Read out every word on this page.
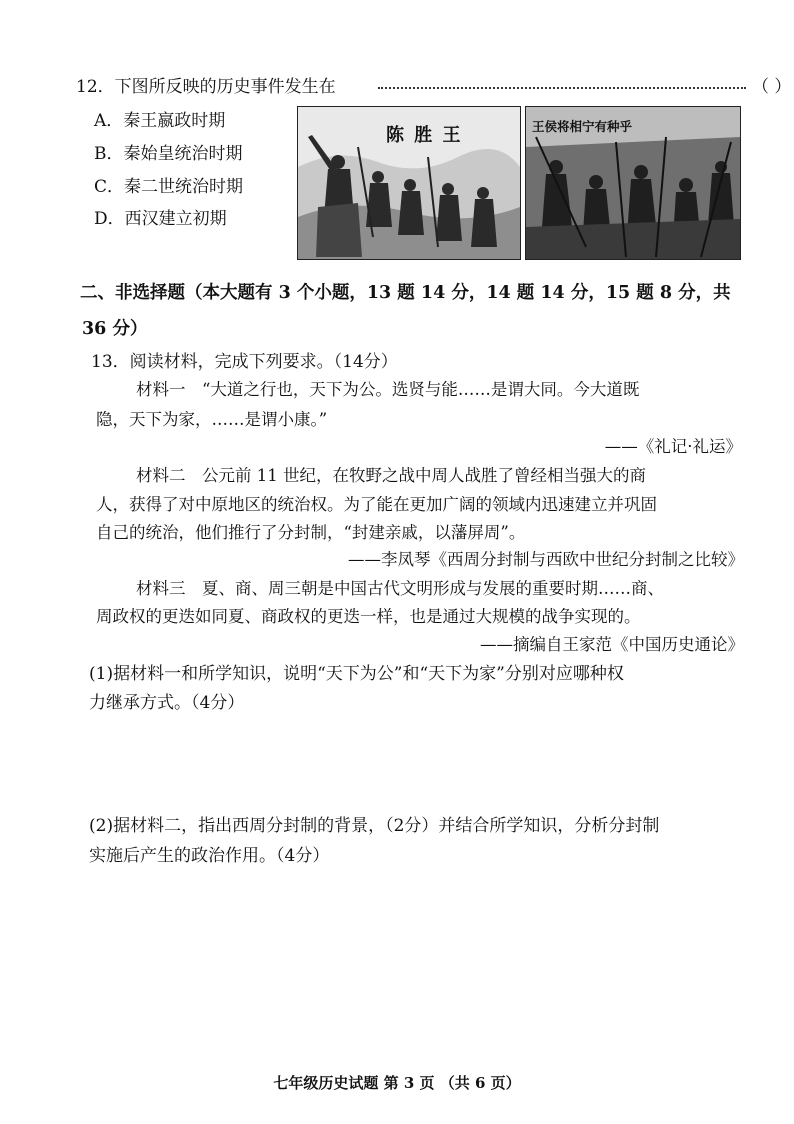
12．下图所反映的历史事件发生在	（ ）
A．秦王嬴政时期
B．秦始皇统治时期
C．秦二世统治时期
D．西汉建立初期
陈 胜 王	王侯将相宁有种乎
二、非选择题（本大题有 3 个小题，13 题 14 分，14 题 14 分，15 题 8 分，共
36 分）
13．阅读材料，完成下列要求。（14分）
材料一　“大道之行也，天下为公。选贤与能……是谓大同。今大道既
隐，天下为家，……是谓小康。”
——《礼记·礼运》
材料二　公元前 11 世纪，在牧野之战中周人战胜了曾经相当强大的商
人，获得了对中原地区的统治权。为了能在更加广阔的领域内迅速建立并巩固
自己的统治，他们推行了分封制，“封建亲戚，以藩屏周”。
——李凤琴《西周分封制与西欧中世纪分封制之比较》
材料三　夏、商、周三朝是中国古代文明形成与发展的重要时期……商、
周政权的更迭如同夏、商政权的更迭一样，也是通过大规模的战争实现的。
——摘编自王家范《中国历史通论》
(1)据材料一和所学知识，说明“天下为公”和“天下为家”分别对应哪种权
力继承方式。（4分）
(2)据材料二，指出西周分封制的背景，（2分）并结合所学知识，分析分封制
实施后产生的政治作用。（4分）
七年级历史试题 第 3 页 （共 6 页）
